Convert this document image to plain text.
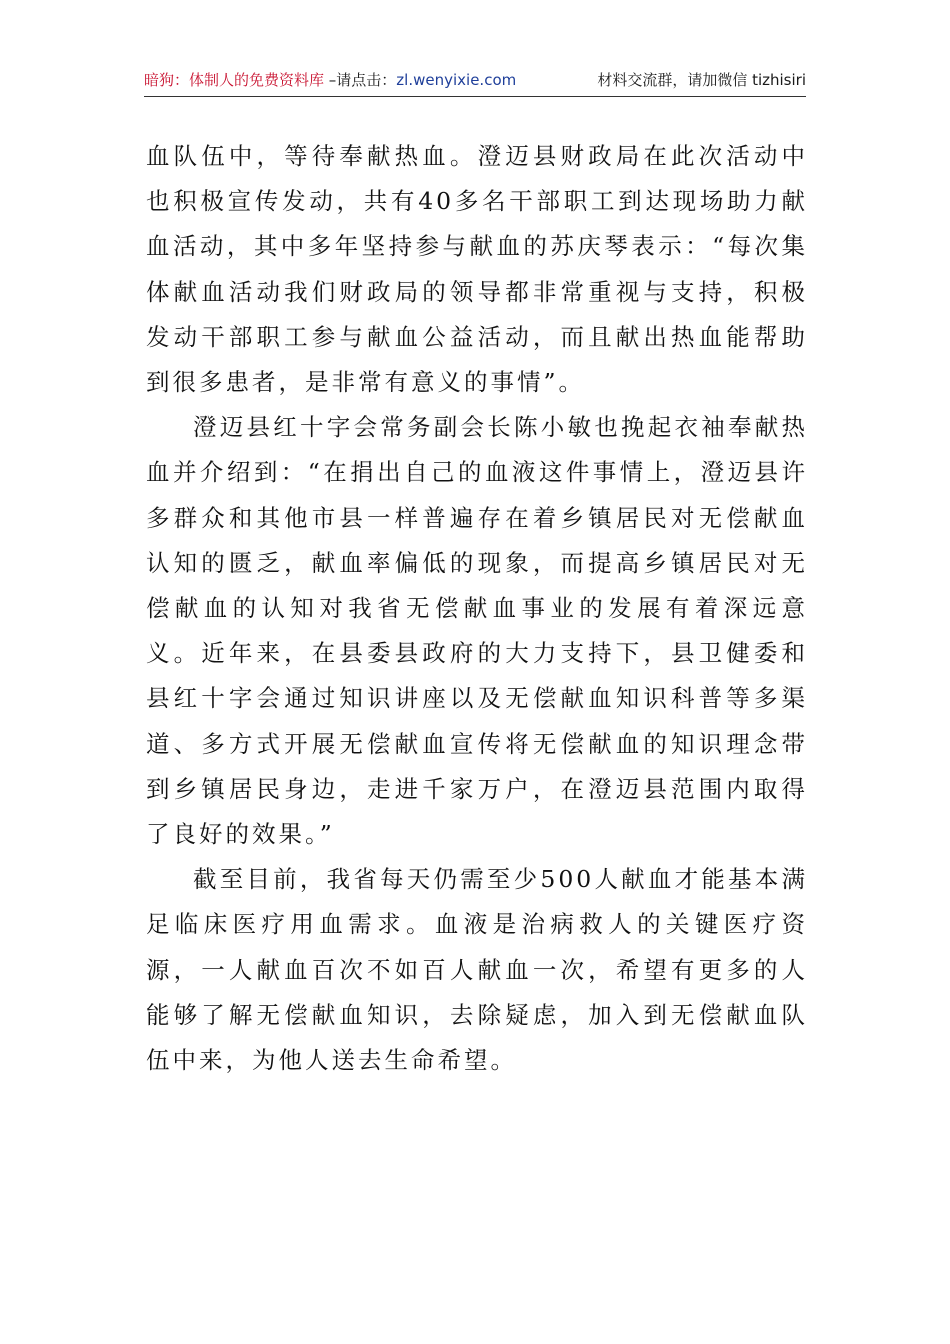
暗狗：体制人的免费资料库 –请点击：zl.wenyixie.com	材料交流群，请加微信 tizhisiri

血队伍中，等待奉献热血。澄迈县财政局在此次活动中也积极宣传发动，共有40多名干部职工到达现场助力献血活动，其中多年坚持参与献血的苏庆琴表示：“每次集体献血活动我们财政局的领导都非常重视与支持，积极发动干部职工参与献血公益活动，而且献出热血能帮助到很多患者，是非常有意义的事情”。

澄迈县红十字会常务副会长陈小敏也挽起衣袖奉献热血并介绍到：“在捐出自己的血液这件事情上，澄迈县许多群众和其他市县一样普遍存在着乡镇居民对无偿献血认知的匮乏，献血率偏低的现象，而提高乡镇居民对无偿献血的认知对我省无偿献血事业的发展有着深远意义。近年来，在县委县政府的大力支持下，县卫健委和县红十字会通过知识讲座以及无偿献血知识科普等多渠道、多方式开展无偿献血宣传将无偿献血的知识理念带到乡镇居民身边，走进千家万户，在澄迈县范围内取得了良好的效果。”

截至目前，我省每天仍需至少500人献血才能基本满足临床医疗用血需求。血液是治病救人的关键医疗资源，一人献血百次不如百人献血一次，希望有更多的人能够了解无偿献血知识，去除疑虑，加入到无偿献血队伍中来，为他人送去生命希望。
